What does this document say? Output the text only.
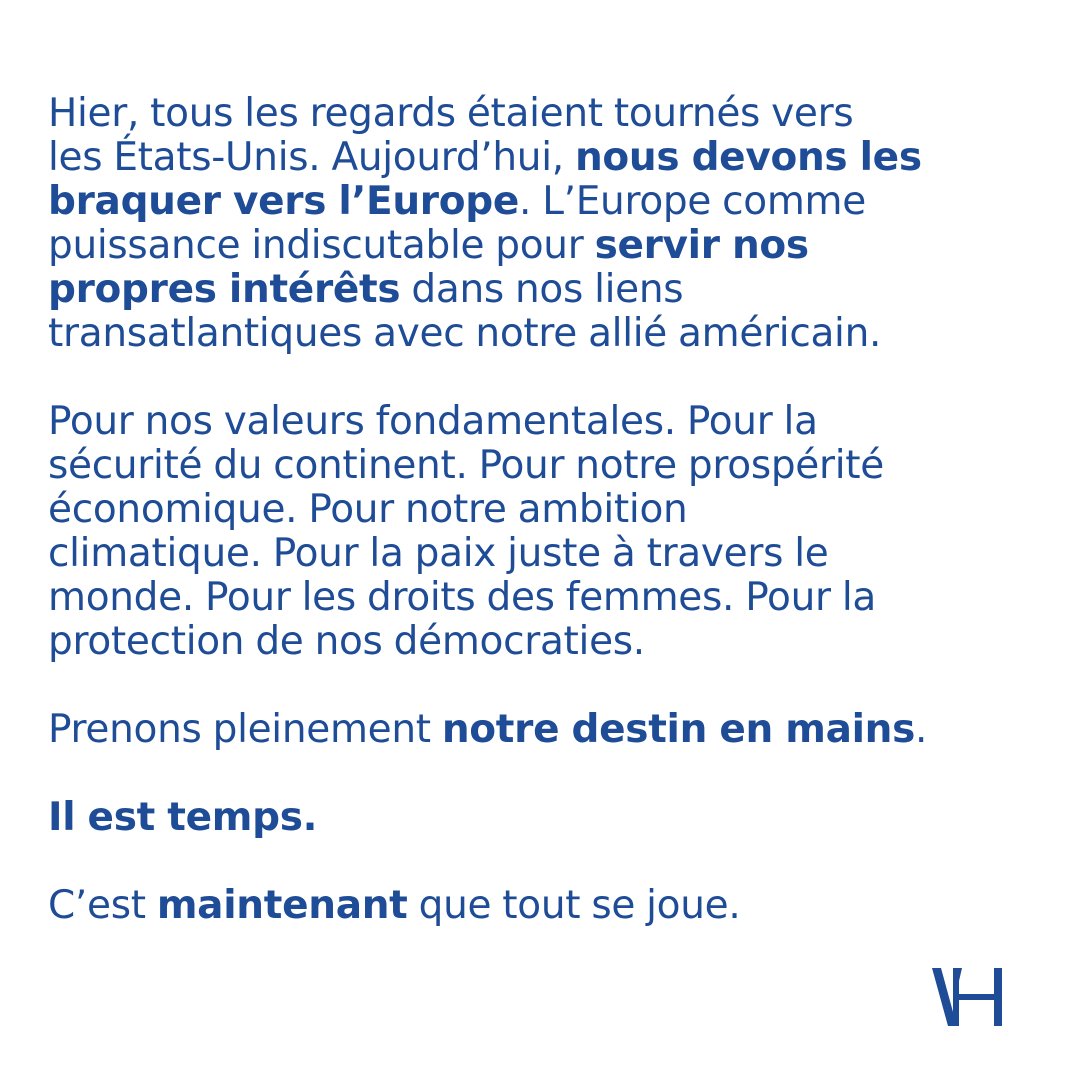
Hier, tous les regards étaient tournés vers
les États-Unis. Aujourd’hui, nous devons les
braquer vers l’Europe. L’Europe comme
puissance indiscutable pour servir nos
propres intérêts dans nos liens
transatlantiques avec notre allié américain.

Pour nos valeurs fondamentales. Pour la
sécurité du continent. Pour notre prospérité
économique. Pour notre ambition
climatique. Pour la paix juste à travers le
monde. Pour les droits des femmes. Pour la
protection de nos démocraties.

Prenons pleinement notre destin en mains.

Il est temps.

C’est maintenant que tout se joue.
